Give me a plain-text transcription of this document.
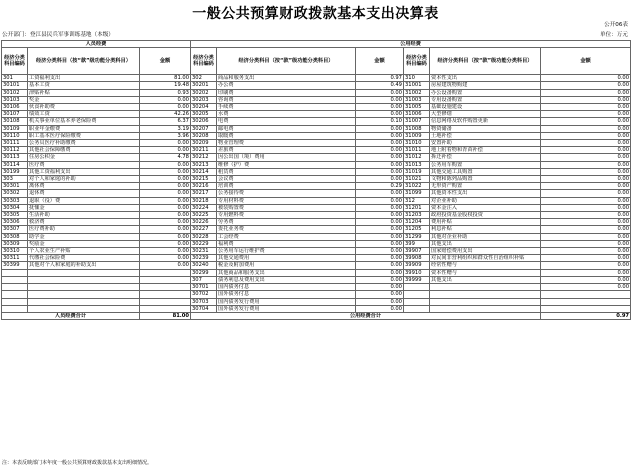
一般公共预算财政拨款基本支出决算表
公开06表
公开部门：登江县民兵军事训练基地（本级）	单位：万元
人员经费			公用经费					
经济分类科目编码	经济分类科目（按“款”级功能分类科目）	金额	经济分类科目编码	经济分类科目（按“款”级功能分类科目）	金额	经济分类科目编码	经济分类科目（按“款”级功能分类科目）	金额
301	工资福利支出	81.00	302	商品和服务支出	0.97	310	资本性支出	0.00
30101	基本工资	19.48	30201	办公费	0.49	31001	房屋建筑物购建	0.00
30102	津贴补贴	0.93	30202	印刷费	0.00	31002	办公设备购置	0.00
30103	奖金	0.00	30203	咨询费	0.00	31003	专用设备购置	0.00
30106	伙食补助费	0.00	30204	手续费	0.00	31005	基础设施建设	0.00
30107	绩效工资	42.26	30205	水费	0.00	31006	大型修缮	0.00
30108	机关事业单位基本养老保险费	6.37	30206	电费	0.10	31007	信息网络及软件购置更新	0.00
30109	职业年金缴费	3.19	30207	邮电费	0.00	31008	物资储备	0.00
30110	职工基本医疗保险缴费	3.96	30208	取暖费	0.00	31009	土地补偿	0.00
30111	公务员医疗补助缴费	0.00	30209	物业管理费	0.00	31010	安置补助	0.00
30112	其他社会保障缴费	0.00	30211	差旅费	0.00	31011	地上附着物和青苗补偿	0.00
30113	住房公积金	4.78	30212	因公出国（境）费用	0.00	31012	拆迁补偿	0.00
30114	医疗费	0.00	30213	维修（护）费	0.00	31013	公务用车购置	0.00
30199	其他工资福利支出	0.00	30214	租赁费	0.00	31019	其他交通工具购置	0.00
303	对个人和家庭的补助	0.00	30215	会议费	0.00	31021	文物和陈列品购置	0.00
30301	离休费	0.00	30216	培训费	0.29	31022	无形资产购置	0.00
30302	退休费	0.00	30217	公务接待费	0.00	31099	其他资本性支出	0.00
30303	退职（役）费	0.00	30218	专用材料费	0.00	312	对企业补助	0.00
30304	抚恤金	0.00	30224	被装购置费	0.00	31201	资本金注入	0.00
30305	生活补助	0.00	30225	专用燃料费	0.00	31203	政府投资基金股权投资	0.00
30306	救济费	0.00	30226	劳务费	0.00	31204	费用补贴	0.00
30307	医疗费补助	0.00	30227	委托业务费	0.00	31205	利息补贴	0.00
30308	助学金	0.00	30228	工会经费	0.00	31299	其他对企业补助	0.00
30309	奖励金	0.00	30229	福利费	0.00	399	其他支出	0.00
30310	个人农业生产补贴	0.00	30231	公务用车运行维护费	0.00	39907	国家赔偿费用支出	0.00
30311	代缴社会保险费	0.00	30239	其他交通费用	0.00	39908	对民间非营利组织和群众性自治组织补贴	0.00
30399	其他对个人和家庭的补助支出	0.00	30240	税金及附加费用	0.00	39909	经常性赠与	0.00
			30299	其他商品和服务支出	0.00	39910	资本性赠与	0.00
			307	债务利息及费用支出	0.00	39999	其他支出	0.00
			30701	国内债务付息	0.00			0.00
			30702	国外债务付息	0.00			
			30703	国内债务发行费用	0.00			
			30704	国外债务发行费用	0.00			
人员经费合计		81.00	公用经费合计					0.97
注：本表反映部门本年度一般公共预算财政拨款基本支出明细情况。
